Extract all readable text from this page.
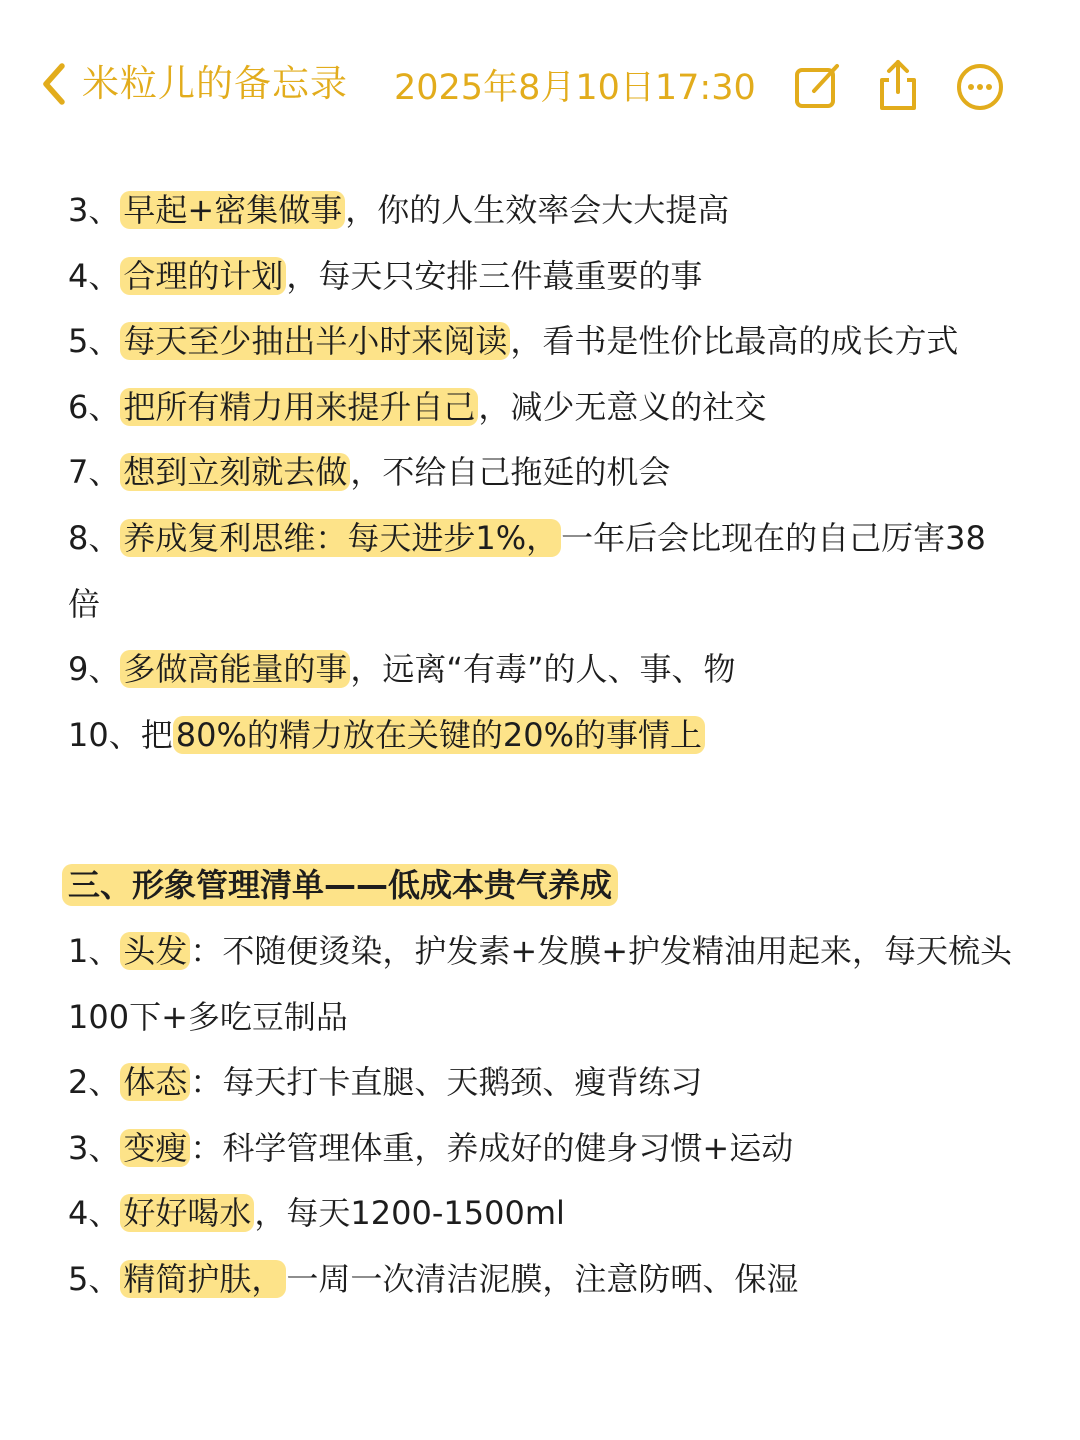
米粒儿的备忘录 2025年8月10日17:30
3、早起+密集做事，你的人生效率会大大提高
4、合理的计划，每天只安排三件蕞重要的事
5、每天至少抽出半小时来阅读，看书是性价比最高的成长方式
6、把所有精力用来提升自己，减少无意义的社交
7、想到立刻就去做，不给自己拖延的机会
8、养成复利思维：每天进步1%，一年后会比现在的自己厉害38
倍
9、多做高能量的事，远离“有毒”的人、事、物
10、把80%的精力放在关键的20%的事情上
三、形象管理清单——低成本贵气养成
1、头发：不随便烫染，护发素+发膜+护发精油用起来，每天梳头
100下+多吃豆制品
2、体态：每天打卡直腿、天鹅颈、瘦背练习
3、变瘦：科学管理体重，养成好的健身习惯+运动
4、好好喝水，每天1200-1500ml
5、精简护肤，一周一次清洁泥膜，注意防晒、保湿
